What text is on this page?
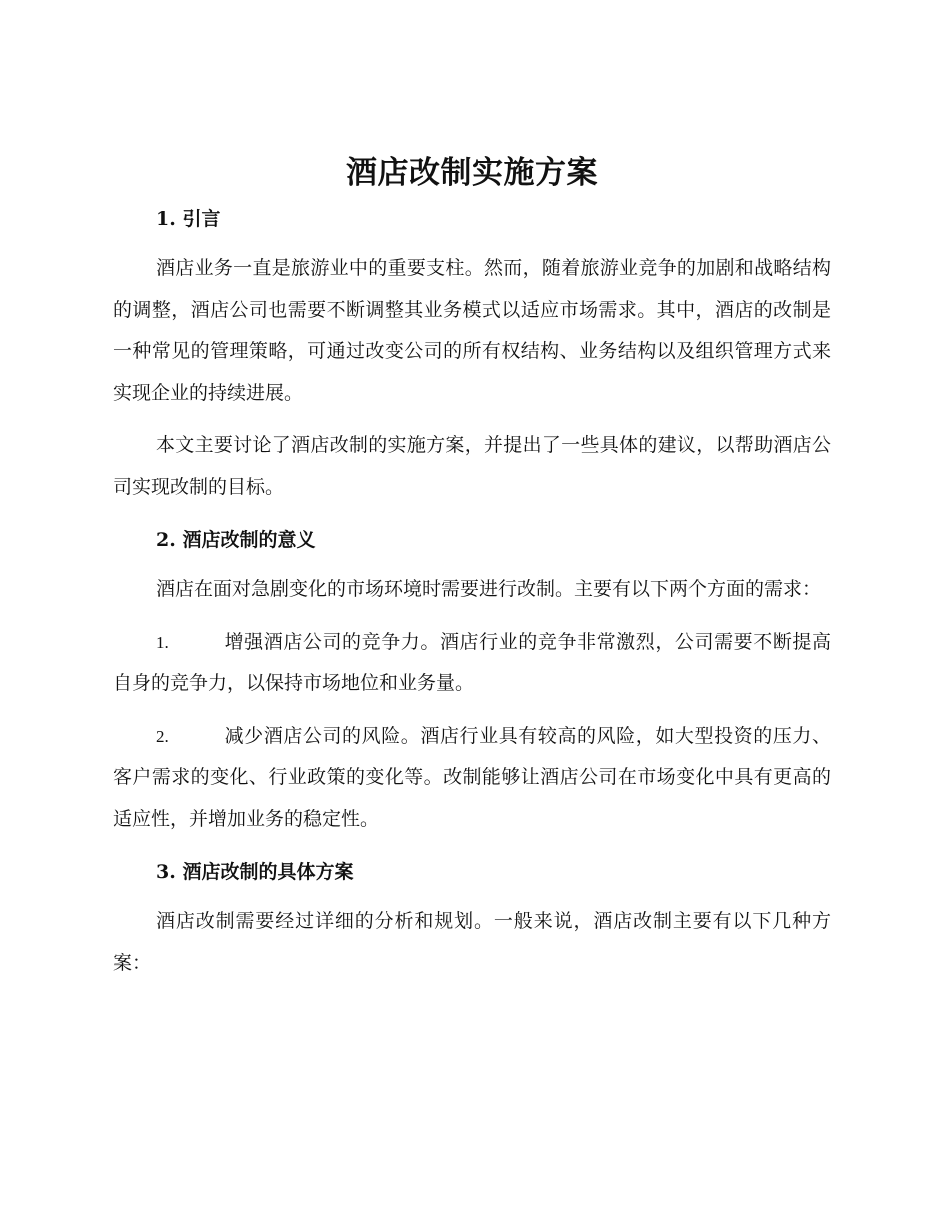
酒店改制实施方案
1. 引言

酒店业务一直是旅游业中的重要支柱。然而，随着旅游业竞争的加剧和战略结构的调整，酒店公司也需要不断调整其业务模式以适应市场需求。其中，酒店的改制是一种常见的管理策略，可通过改变公司的所有权结构、业务结构以及组织管理方式来实现企业的持续进展。

本文主要讨论了酒店改制的实施方案，并提出了一些具体的建议，以帮助酒店公司实现改制的目标。

2. 酒店改制的意义

酒店在面对急剧变化的市场环境时需要进行改制。主要有以下两个方面的需求：

1.	增强酒店公司的竞争力。酒店行业的竞争非常激烈，公司需要不断提高自身的竞争力，以保持市场地位和业务量。

2.	减少酒店公司的风险。酒店行业具有较高的风险，如大型投资的压力、客户需求的变化、行业政策的变化等。改制能够让酒店公司在市场变化中具有更高的适应性，并增加业务的稳定性。

3. 酒店改制的具体方案

酒店改制需要经过详细的分析和规划。一般来说，酒店改制主要有以下几种方案：
